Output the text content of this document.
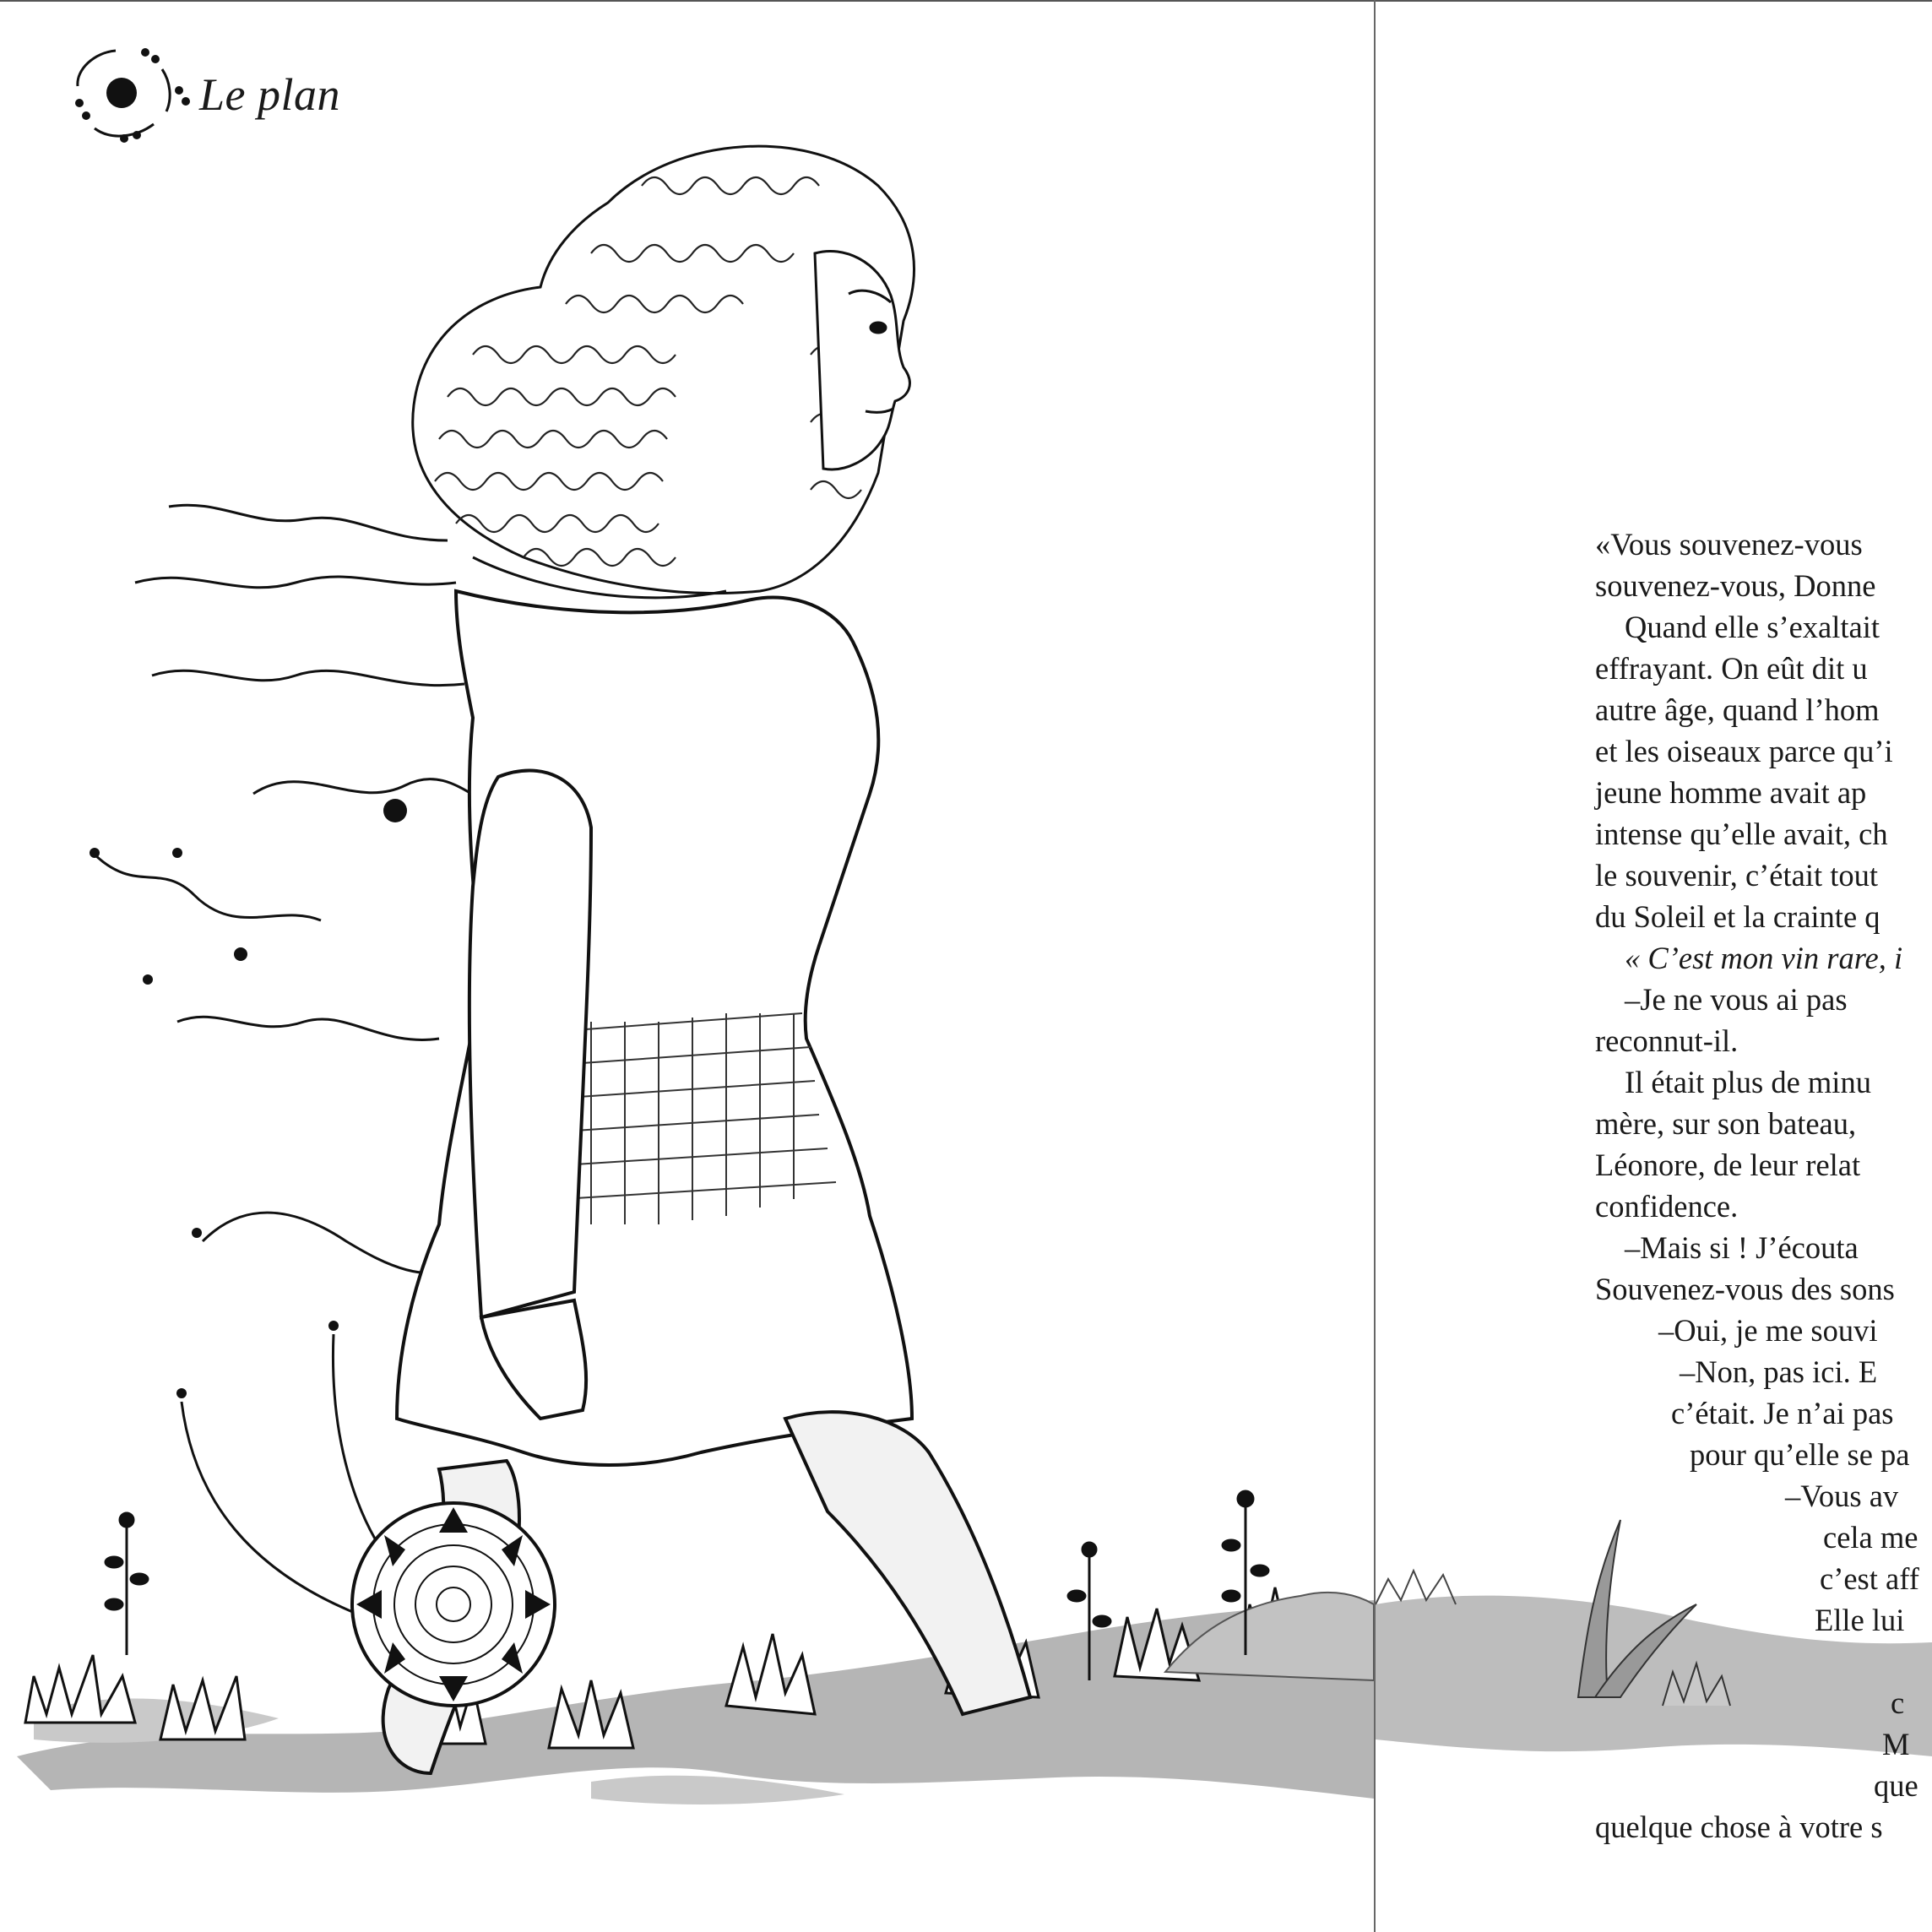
Le plan
«Vous souvenez-vous
souvenez-vous, Donne
Quand elle s’exaltait
effrayant. On eût dit u
autre âge, quand l’hom
et les oiseaux parce qu’i
jeune homme avait ap
intense qu’elle avait, ch
le souvenir, c’était tout
du Soleil et la crainte q
« C’est mon vin rare, i
–Je ne vous ai pas
reconnut-il.
Il était plus de minu
mère, sur son bateau,
Léonore, de leur relat
confidence.
–Mais si ! J’écouta
Souvenez-vous des sons
–Oui, je me souvi
–Non, pas ici. E
c’était. Je n’ai pas
pour qu’elle se pa
–Vous av
cela me
c’est aff
Elle lui
c
M
que
quelque chose à votre s
